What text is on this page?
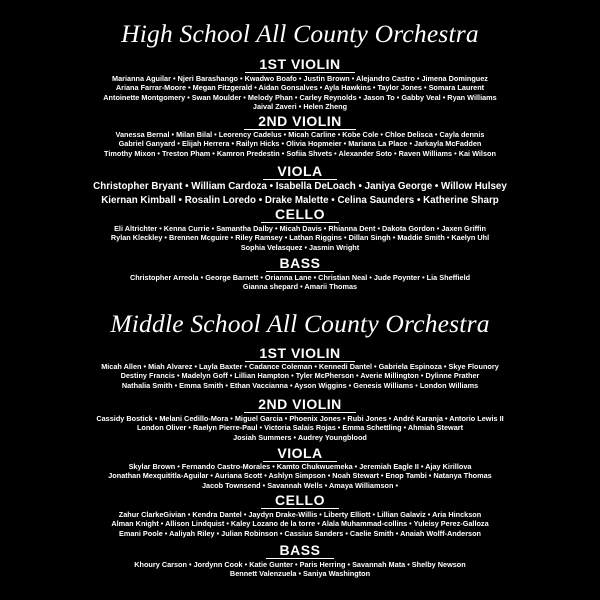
High School All County Orchestra
1ST VIOLIN
Marianna Aguilar • Njeri Barashango • Kwadwo Boafo • Justin Brown • Alejandro Castro • Jimena Dominguez
Ariana Farrar-Moore • Megan Fitzgerald • Aidan Gonsalves • Ayla Hawkins • Taylor Jones • Somara Laurent
Antoinette Montgomery • Swan Moulder • Melody Phan • Carley Reynolds • Jason To • Gabby Veal • Ryan Williams
Jaival Zaveri • Helen Zheng
2ND VIOLIN
Vanessa Bernal • Milan Bilal • Leorency Cadelus • Micah Carline • Kobe Cole • Chloe Delisca • Cayla dennis
Gabriel Ganyard • Elijah Herrera • Railyn Hicks • Olivia Hopmeier • Mariana La Place • Jarkayla McFadden
Timothy Mixon • Treston Pham • Kamron Predestin • Sofiia Shvets • Alexander Soto • Raven Williams • Kai Wilson
VIOLA
Christopher Bryant • William Cardoza • Isabella DeLoach • Janiya George • Willow Hulsey
Kiernan Kimball • Rosalin Loredo • Drake Malette • Celina Saunders • Katherine Sharp
CELLO
Eli Altrichter • Kenna Currie • Samantha Dalby • Micah Davis • Rhianna Dent • Dakota Gordon • Jaxen Griffin
Rylan Kleckley • Brennen Mcguire • Riley Ramsey • Lathan Riggins • Dillan Singh • Maddie Smith • Kaelyn Uhl
Sophia Velasquez • Jasmin Wright
BASS
Christopher Arreola • George Barnett • Orianna Lane • Christian Neal • Jude Poynter • Lia Sheffield
Gianna shepard • Amarii Thomas
Middle School All County Orchestra
1ST VIOLIN
Micah Allen • Miah Alvarez • Layla Baxter • Cadance Coleman • Kennedi Dantel • Gabriela Espinoza • Skye Flounory
Destiny Francis • Madelyn Goff • Lillian Hampton • Tyler McPherson • Averie Millington • Dylinne Prather
Nathalia Smith • Emma Smith • Ethan Vaccianna • Ayson Wiggins • Genesis Williams • London Williams
2ND VIOLIN
Cassidy Bostick • Melani Cedillo-Mora • Miguel Garcia • Phoenix Jones • Rubi Jones • André Karanja • Antorio Lewis II
London Oliver • Raelyn Pierre-Paul • Victoria Salais Rojas • Emma Schettling • Ahmiah Stewart
Josiah Summers • Audrey Youngblood
VIOLA
Skylar Brown • Fernando Castro-Morales • Kamto Chukwuemeka • Jeremiah Eagle II • Ajay Kirillova
Jonathan Mexquititla-Aguilar • Auriana Scott • Ashlyn Simpson • Noah Stewart • Enop Tambi • Natanya Thomas
Jacob Townsend • Savannah Wells • Amaya Williamson •
CELLO
Zahur ClarkeGivian • Kendra Dantel • Jaydyn Drake-Willis • Liberty Elliott • Lillian Galaviz • Aria Hinckson
Alman Knight • Allison Lindquist • Kaley Lozano de la torre • Alala Muhammad-collins • Yuleisy Perez-Galloza
Emani Poole • Aaliyah Riley • Julian Robinson • Cassius Sanders • Caelie Smith • Anaiah Wolff-Anderson
BASS
Khoury Carson • Jordynn Cook • Katie Gunter • Paris Herring • Savannah Mata • Shelby Newson
Bennett Valenzuela • Saniya Washington
